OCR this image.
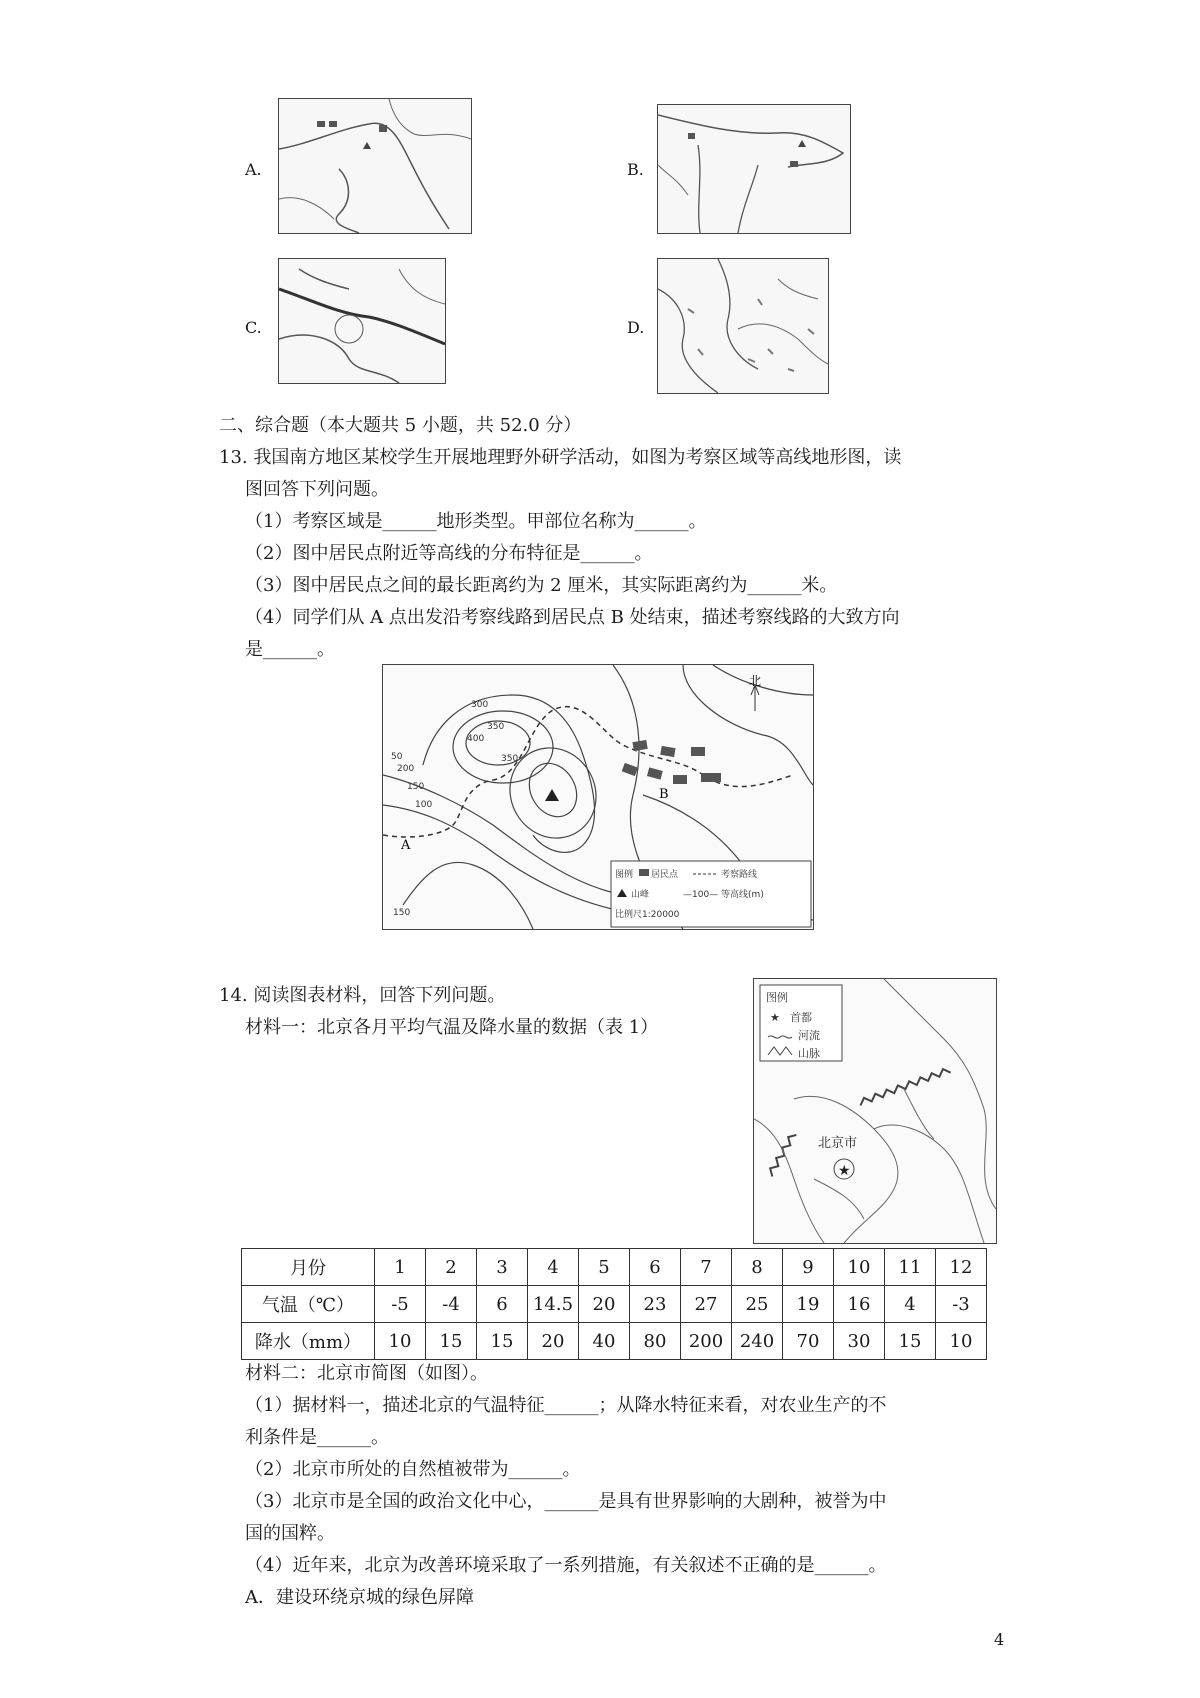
A.	B.
C.	D.
二、综合题（本大题共 5 小题，共 52.0 分）
13. 我国南方地区某校学生开展地理野外研学活动，如图为考察区域等高线地形图，读
图回答下列问题。
（1）考察区域是______地形类型。甲部位名称为______。
（2）图中居民点附近等高线的分布特征是______。
（3）图中居民点之间的最长距离约为 2 厘米，其实际距离约为______米。
（4）同学们从 A 点出发沿考察线路到居民点 B 处结束，描述考察线路的大致方向
是______。
北
300
350
400
350
200
150
100
50
150
A
B
图例 居民点	考察路线
山峰	—100— 等高线(m)
比例尺1:20000
14. 阅读图表材料，回答下列问题。
材料一：北京各月平均气温及降水量的数据（表 1）
图例
★ 首都
河流
山脉
北京市
★
月份	1	2	3	4	5	6	7	8	9	10	11	12
气温（℃）	-5	-4	6	14.5	20	23	27	25	19	16	4	-3
降水（mm）	10	15	15	20	40	80	200	240	70	30	15	10
材料二：北京市简图（如图）。
（1）据材料一，描述北京的气温特征______；从降水特征来看，对农业生产的不
利条件是______。
（2）北京市所处的自然植被带为______。
（3）北京市是全国的政治文化中心，______是具有世界影响的大剧种，被誉为中
国的国粹。
（4）近年来，北京为改善环境采取了一系列措施，有关叙述不正确的是______。
A．建设环绕京城的绿色屏障
4
